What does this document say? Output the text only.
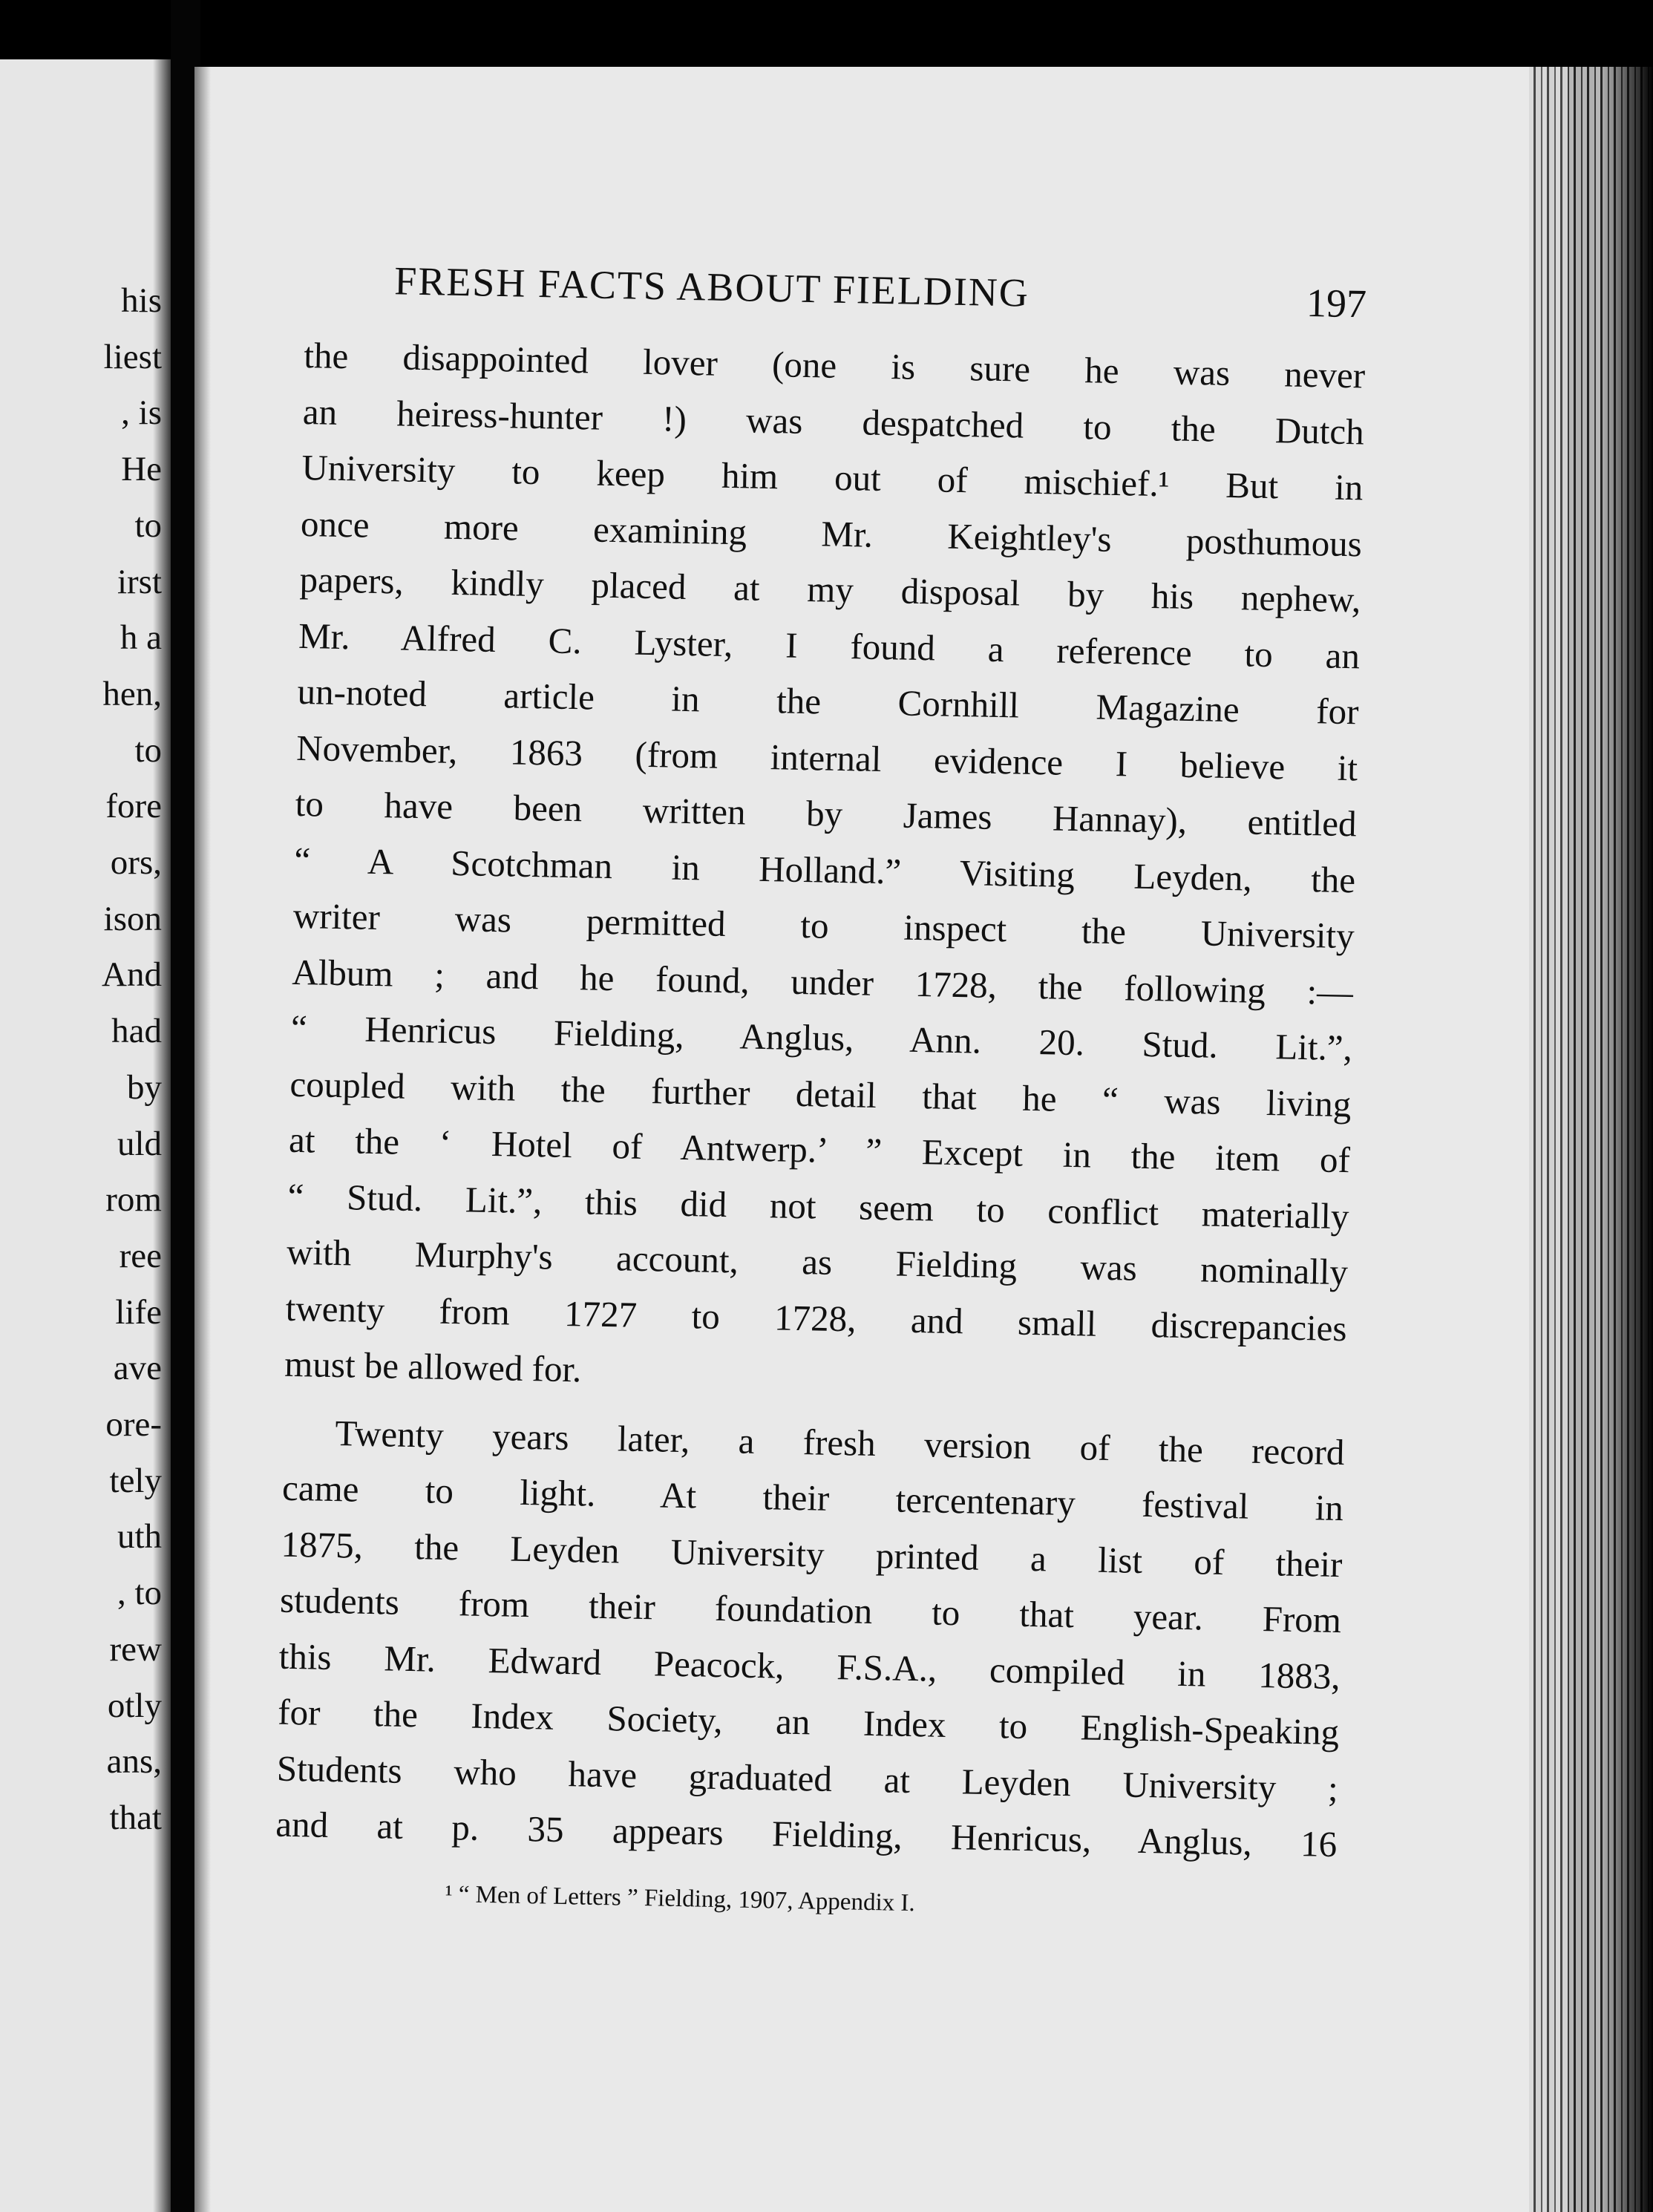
his
liest
, is
He
to
irst
h a
hen,
to
fore
ors,
ison
And
had
by
uld
rom
ree
life
ave
ore-
tely
uth
, to
rew
otly
ans,
that
FRESH FACTS ABOUT FIELDING	197
the disappointed lover (one is sure he was never
an heiress-hunter !) was despatched to the Dutch
University to keep him out of mischief.¹ But in
once more examining Mr. Keightley's posthumous
papers, kindly placed at my disposal by his nephew,
Mr. Alfred C. Lyster, I found a reference to an
un-noted article in the Cornhill Magazine for
November, 1863 (from internal evidence I believe it
to have been written by James Hannay), entitled
“ A Scotchman in Holland.” Visiting Leyden, the
writer was permitted to inspect the University
Album ; and he found, under 1728, the following :—
“ Henricus Fielding, Anglus, Ann. 20. Stud. Lit.”,
coupled with the further detail that he “ was living
at the ‘ Hotel of Antwerp.’ ” Except in the item of
“ Stud. Lit.”, this did not seem to conflict materially
with Murphy's account, as Fielding was nominally
twenty from 1727 to 1728, and small discrepancies
must be allowed for.
Twenty years later, a fresh version of the record
came to light. At their tercentenary festival in
1875, the Leyden University printed a list of their
students from their foundation to that year. From
this Mr. Edward Peacock, F.S.A., compiled in 1883,
for the Index Society, an Index to English-Speaking
Students who have graduated at Leyden University ;
and at p. 35 appears Fielding, Henricus, Anglus, 16
¹ “ Men of Letters ” Fielding, 1907, Appendix I.
